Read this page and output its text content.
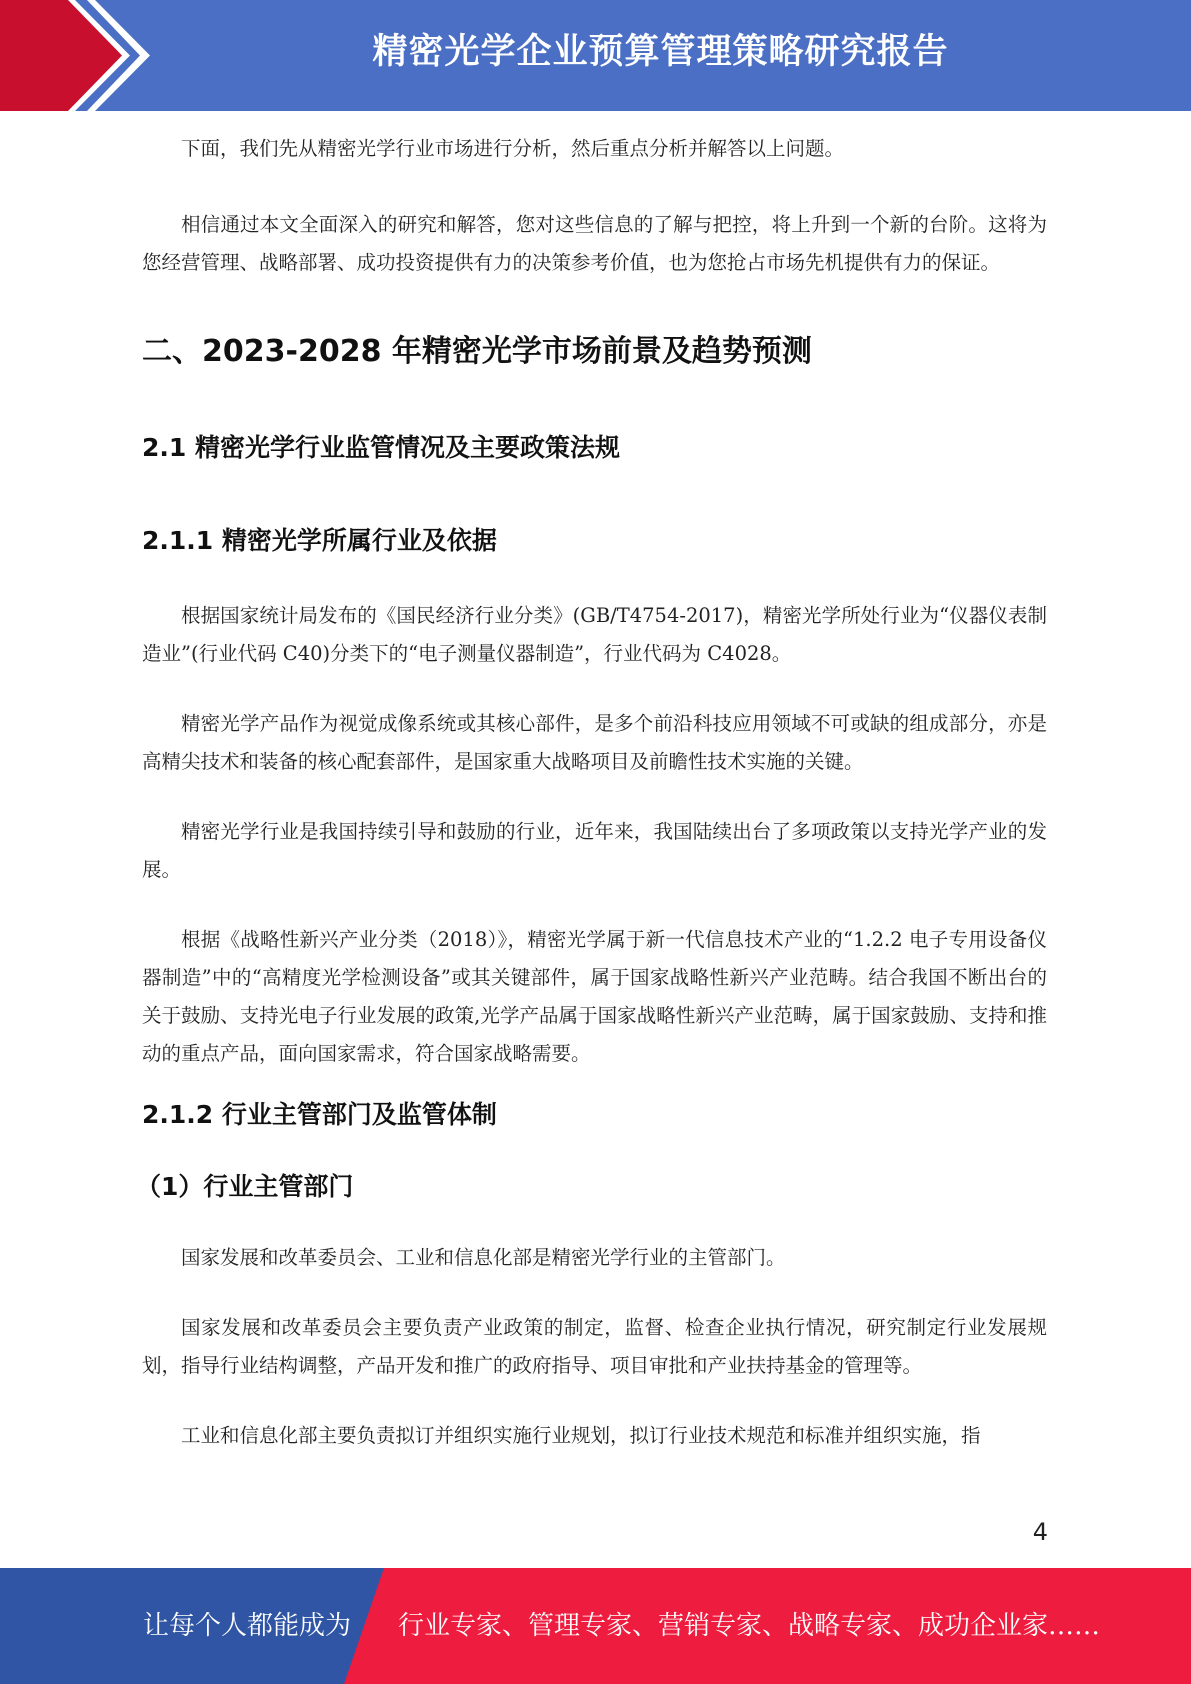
精密光学企业预算管理策略研究报告

下面，我们先从精密光学行业市场进行分析，然后重点分析并解答以上问题。

相信通过本文全面深入的研究和解答，您对这些信息的了解与把控，将上升到一个新的台阶。这将为您经营管理、战略部署、成功投资提供有力的决策参考价值，也为您抢占市场先机提供有力的保证。

二、2023-2028 年精密光学市场前景及趋势预测
2.1 精密光学行业监管情况及主要政策法规
2.1.1 精密光学所属行业及依据

根据国家统计局发布的《国民经济行业分类》(GB/T4754-2017)，精密光学所处行业为“仪器仪表制造业”(行业代码 C40)分类下的“电子测量仪器制造”，行业代码为 C4028。

精密光学产品作为视觉成像系统或其核心部件，是多个前沿科技应用领域不可或缺的组成部分，亦是高精尖技术和装备的核心配套部件，是国家重大战略项目及前瞻性技术实施的关键。

精密光学行业是我国持续引导和鼓励的行业，近年来，我国陆续出台了多项政策以支持光学产业的发展。

根据《战略性新兴产业分类（2018）》，精密光学属于新一代信息技术产业的“1.2.2 电子专用设备仪器制造”中的“高精度光学检测设备”或其关键部件，属于国家战略性新兴产业范畴。结合我国不断出台的关于鼓励、支持光电子行业发展的政策,光学产品属于国家战略性新兴产业范畴，属于国家鼓励、支持和推动的重点产品，面向国家需求，符合国家战略需要。

2.1.2 行业主管部门及监管体制
（1）行业主管部门

国家发展和改革委员会、工业和信息化部是精密光学行业的主管部门。

国家发展和改革委员会主要负责产业政策的制定，监督、检查企业执行情况，研究制定行业发展规划，指导行业结构调整，产品开发和推广的政府指导、项目审批和产业扶持基金的管理等。

工业和信息化部主要负责拟订并组织实施行业规划，拟订行业技术规范和标准并组织实施，指

4
让每个人都能成为 行业专家、管理专家、营销专家、战略专家、成功企业家……
